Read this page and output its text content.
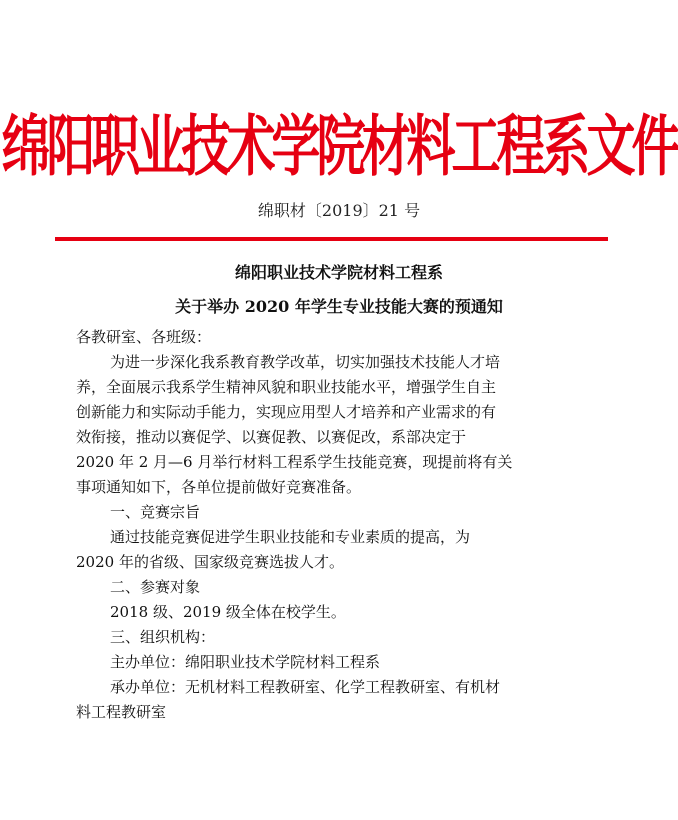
绵阳职业技术学院材料工程系文件
绵职材〔2019〕21 号
绵阳职业技术学院材料工程系
关于举办 2020 年学生专业技能大赛的预通知
各教研室、各班级：
为进一步深化我系教育教学改革，切实加强技术技能人才培
养，全面展示我系学生精神风貌和职业技能水平，增强学生自主
创新能力和实际动手能力，实现应用型人才培养和产业需求的有
效衔接，推动以赛促学、以赛促教、以赛促改，系部决定于
2020 年 2 月—6 月举行材料工程系学生技能竞赛，现提前将有关
事项通知如下，各单位提前做好竞赛准备。
一、竞赛宗旨
通过技能竞赛促进学生职业技能和专业素质的提高，为
2020 年的省级、国家级竞赛选拔人才。
二、参赛对象
2018 级、2019 级全体在校学生。
三、组织机构：
主办单位：绵阳职业技术学院材料工程系
承办单位：无机材料工程教研室、化学工程教研室、有机材
料工程教研室
